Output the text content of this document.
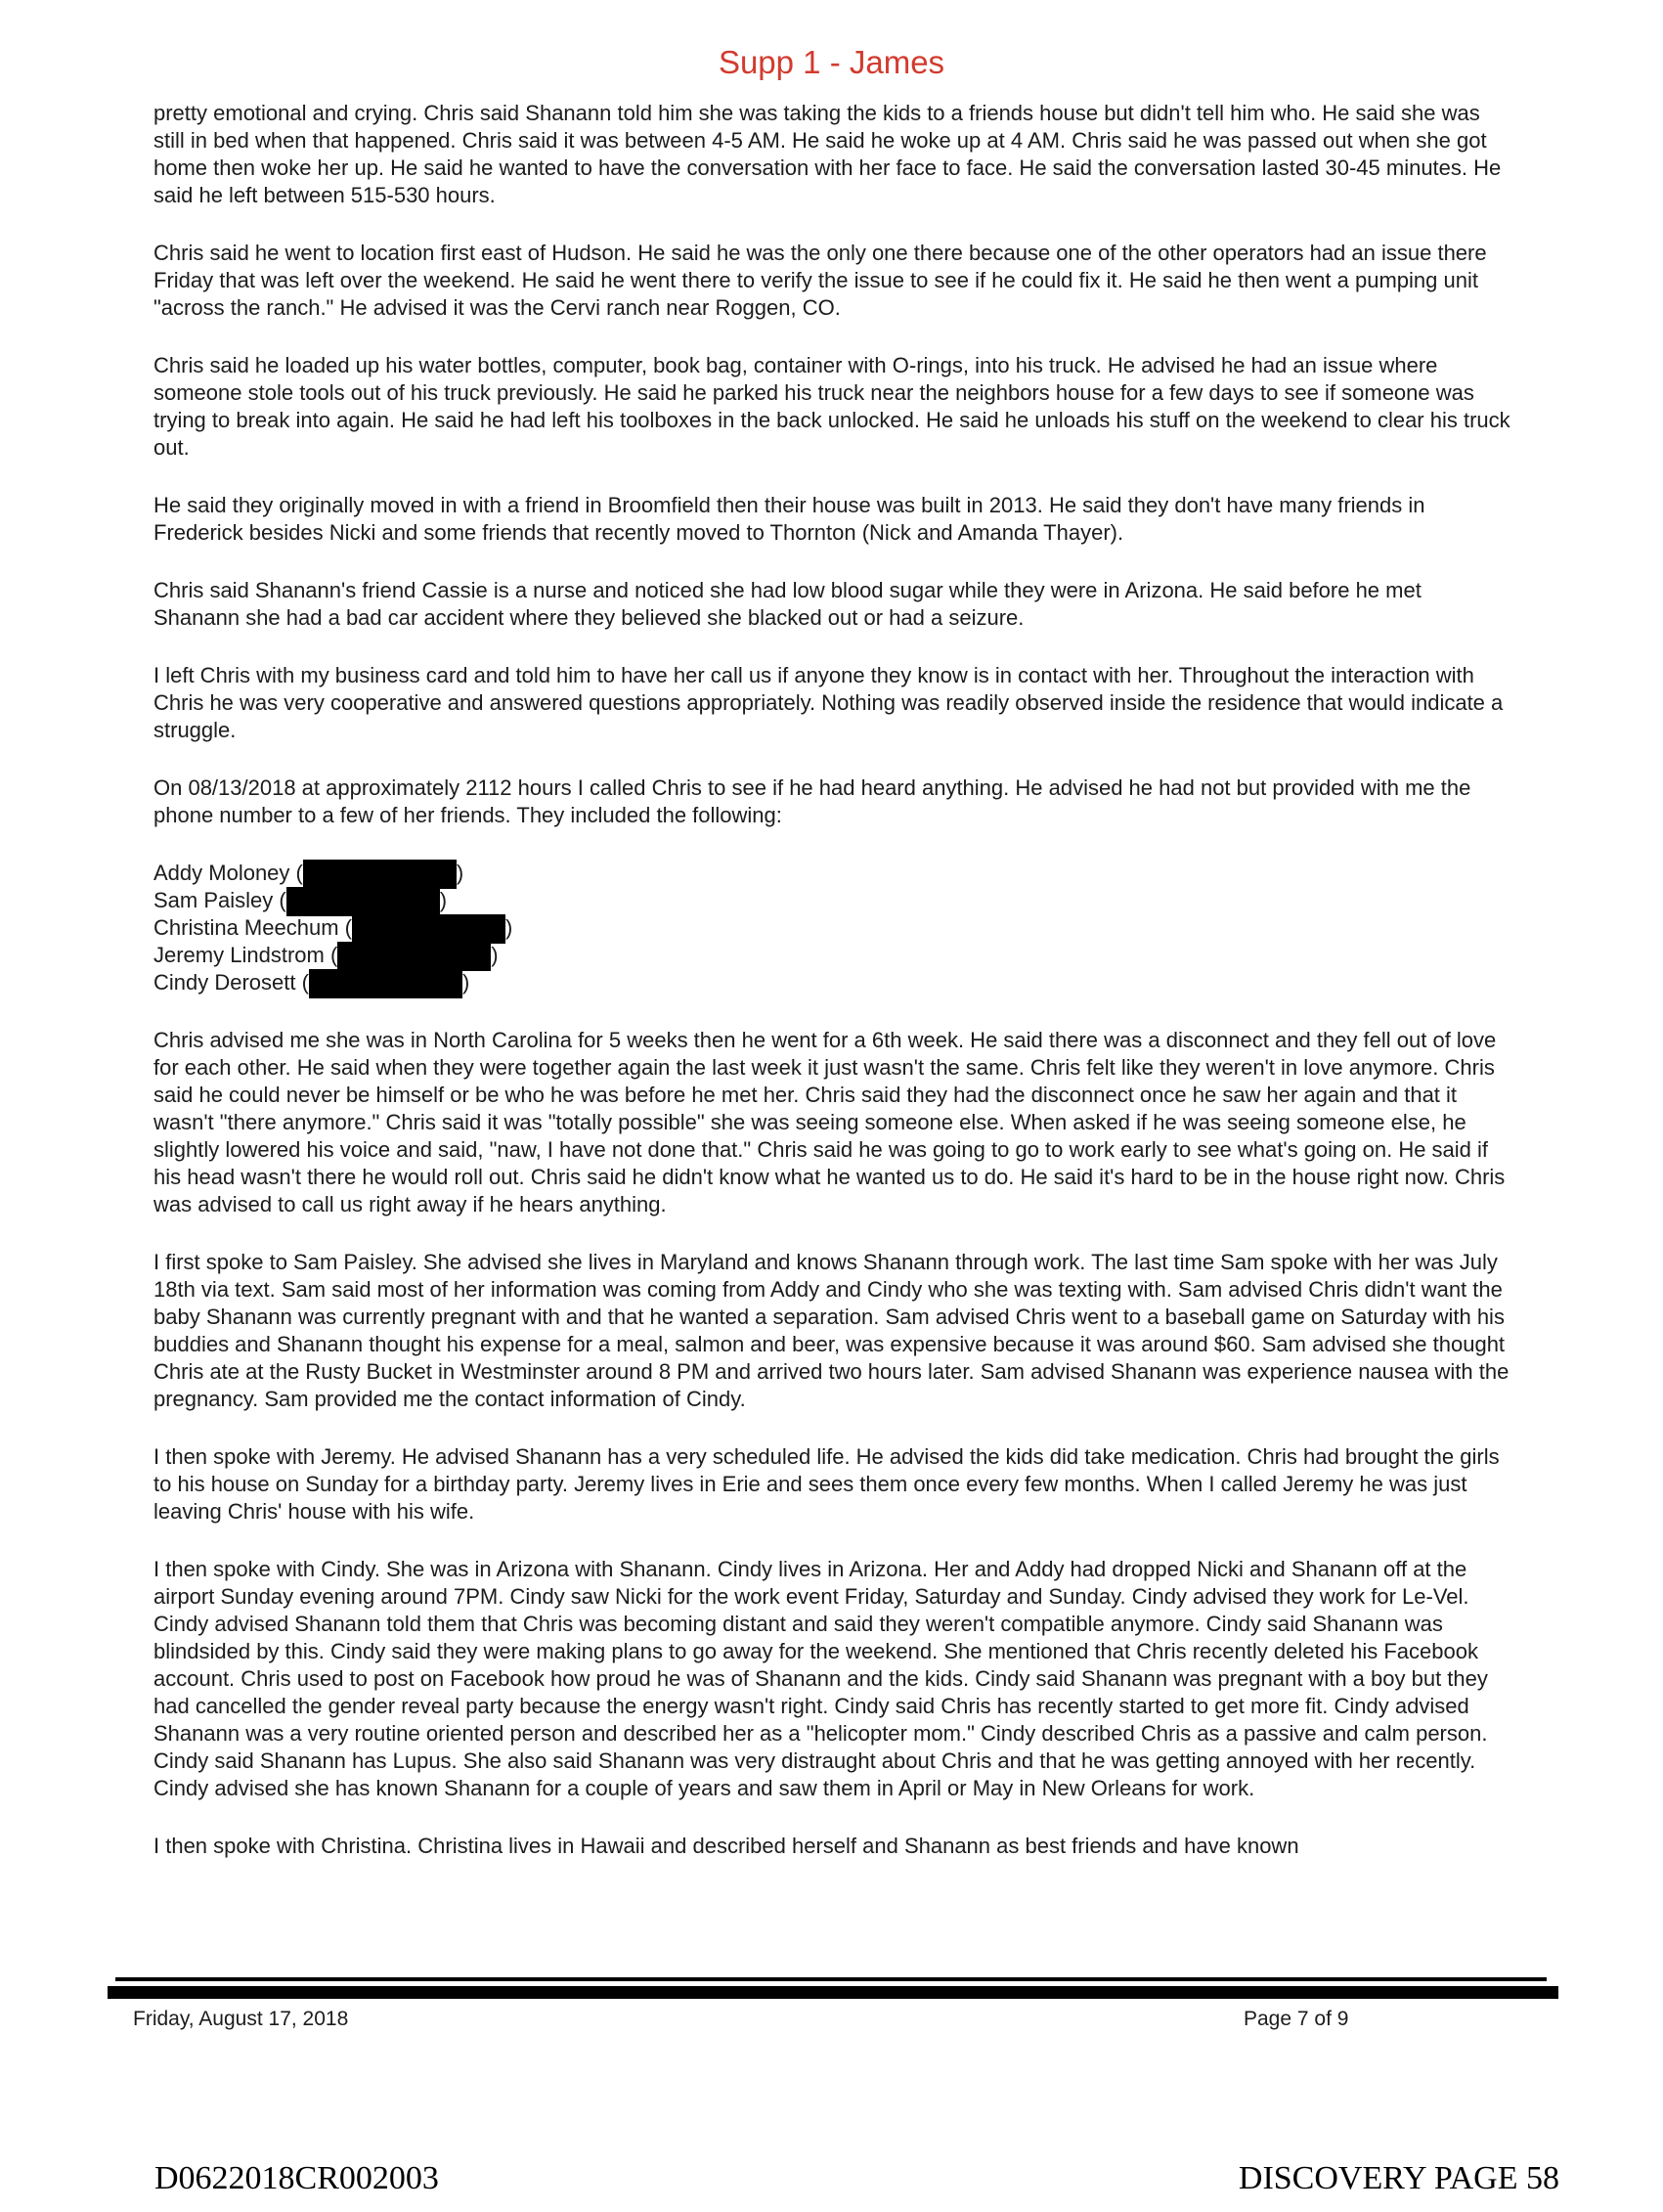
Supp 1 - James

pretty emotional and crying. Chris said Shanann told him she was taking the kids to a friends house but didn't tell him who. He said she was still in bed when that happened. Chris said it was between 4-5 AM. He said he woke up at 4 AM. Chris said he was passed out when she got home then woke her up. He said he wanted to have the conversation with her face to face. He said the conversation lasted 30-45 minutes. He said he left between 515-530 hours.

Chris said he went to location first east of Hudson. He said he was the only one there because one of the other operators had an issue there Friday that was left over the weekend. He said he went there to verify the issue to see if he could fix it. He said he then went a pumping unit "across the ranch." He advised it was the Cervi ranch near Roggen, CO.

Chris said he loaded up his water bottles, computer, book bag, container with O-rings, into his truck. He advised he had an issue where someone stole tools out of his truck previously. He said he parked his truck near the neighbors house for a few days to see if someone was trying to break into again. He said he had left his toolboxes in the back unlocked. He said he unloads his stuff on the weekend to clear his truck out.

He said they originally moved in with a friend in Broomfield then their house was built in 2013. He said they don't have many friends in Frederick besides Nicki and some friends that recently moved to Thornton (Nick and Amanda Thayer).

Chris said Shanann's friend Cassie is a nurse and noticed she had low blood sugar while they were in Arizona. He said before he met Shanann she had a bad car accident where they believed she blacked out or had a seizure.

I left Chris with my business card and told him to have her call us if anyone they know is in contact with her. Throughout the interaction with Chris he was very cooperative and answered questions appropriately. Nothing was readily observed inside the residence that would indicate a struggle.

On 08/13/2018 at approximately 2112 hours I called Chris to see if he had heard anything. He advised he had not but provided with me the phone number to a few of her friends. They included the following:

Addy Moloney (	)
Sam Paisley (	)
Christina Meechum (	)
Jeremy Lindstrom (	)
Cindy Derosett (	)

Chris advised me she was in North Carolina for 5 weeks then he went for a 6th week. He said there was a disconnect and they fell out of love for each other. He said when they were together again the last week it just wasn't the same. Chris felt like they weren't in love anymore. Chris said he could never be himself or be who he was before he met her. Chris said they had the disconnect once he saw her again and that it wasn't "there anymore." Chris said it was "totally possible" she was seeing someone else. When asked if he was seeing someone else, he slightly lowered his voice and said, "naw, I have not done that." Chris said he was going to go to work early to see what's going on. He said if his head wasn't there he would roll out. Chris said he didn't know what he wanted us to do. He said it's hard to be in the house right now. Chris was advised to call us right away if he hears anything.

I first spoke to Sam Paisley. She advised she lives in Maryland and knows Shanann through work. The last time Sam spoke with her was July 18th via text. Sam said most of her information was coming from Addy and Cindy who she was texting with. Sam advised Chris didn't want the baby Shanann was currently pregnant with and that he wanted a separation. Sam advised Chris went to a baseball game on Saturday with his buddies and Shanann thought his expense for a meal, salmon and beer, was expensive because it was around $60. Sam advised she thought Chris ate at the Rusty Bucket in Westminster around 8 PM and arrived two hours later. Sam advised Shanann was experience nausea with the pregnancy. Sam provided me the contact information of Cindy.

I then spoke with Jeremy. He advised Shanann has a very scheduled life. He advised the kids did take medication. Chris had brought the girls to his house on Sunday for a birthday party. Jeremy lives in Erie and sees them once every few months. When I called Jeremy he was just leaving Chris' house with his wife.

I then spoke with Cindy. She was in Arizona with Shanann. Cindy lives in Arizona. Her and Addy had dropped Nicki and Shanann off at the airport Sunday evening around 7PM. Cindy saw Nicki for the work event Friday, Saturday and Sunday. Cindy advised they work for Le-Vel. Cindy advised Shanann told them that Chris was becoming distant and said they weren't compatible anymore. Cindy said Shanann was blindsided by this. Cindy said they were making plans to go away for the weekend. She mentioned that Chris recently deleted his Facebook account. Chris used to post on Facebook how proud he was of Shanann and the kids. Cindy said Shanann was pregnant with a boy but they had cancelled the gender reveal party because the energy wasn't right. Cindy said Chris has recently started to get more fit. Cindy advised Shanann was a very routine oriented person and described her as a "helicopter mom." Cindy described Chris as a passive and calm person. Cindy said Shanann has Lupus. She also said Shanann was very distraught about Chris and that he was getting annoyed with her recently. Cindy advised she has known Shanann for a couple of years and saw them in April or May in New Orleans for work.

I then spoke with Christina. Christina lives in Hawaii and described herself and Shanann as best friends and have known

Friday, August 17, 2018	Page 7 of 9
D0622018CR002003	DISCOVERY PAGE 58
